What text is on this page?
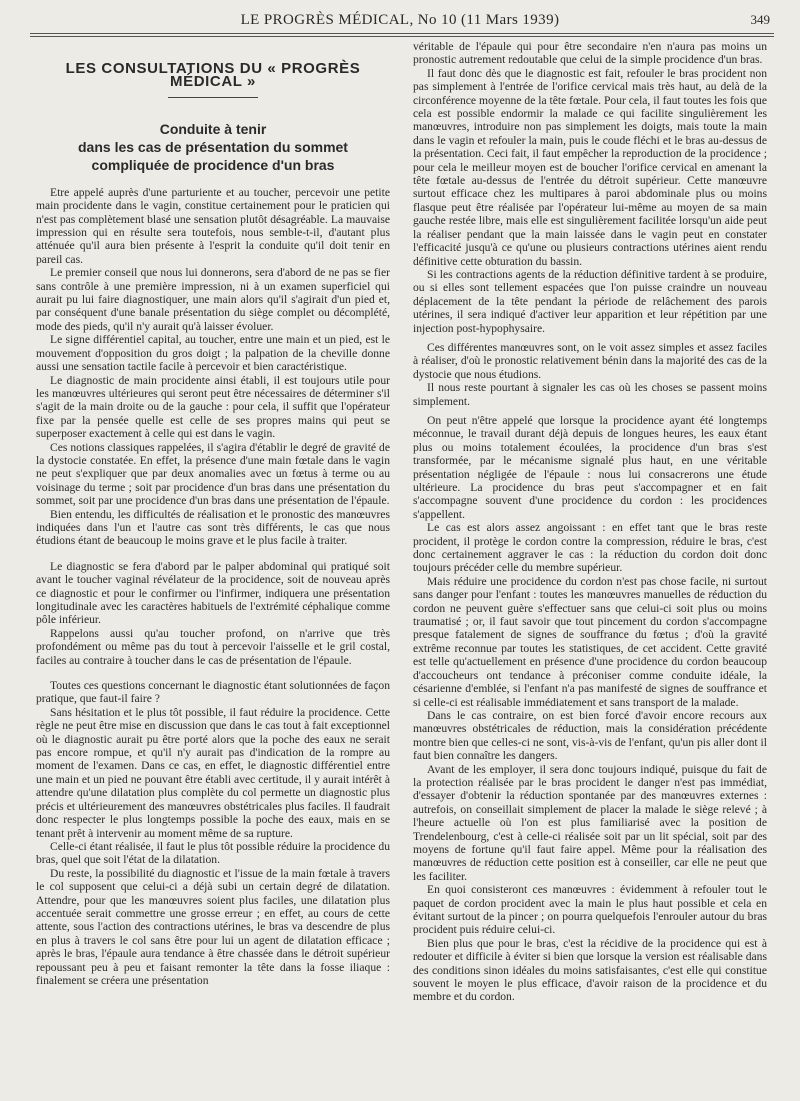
LE PROGRÈS MÉDICAL, No 10 (11 Mars 1939)	349
LES CONSULTATIONS DU « PROGRÈS MÉDICAL »
Conduite à tenir
dans les cas de présentation du sommet
compliquée de procidence d'un bras

Etre appelé auprès d'une parturiente et au toucher, percevoir une petite main procidente dans le vagin, constitue certainement pour le praticien qui n'est pas complètement blasé une sensation plutôt désagréable. La mauvaise impression qui en résulte sera toutefois, nous semble-t-il, d'autant plus atténuée qu'il aura bien présente à l'esprit la conduite qu'il doit tenir en pareil cas.

Le premier conseil que nous lui donnerons, sera d'abord de ne pas se fier sans contrôle à une première impression, ni à un examen superficiel qui aurait pu lui faire diagnostiquer, une main alors qu'il s'agirait d'un pied et, par conséquent d'une banale présentation du siège complet ou décomplété, mode des pieds, qu'il n'y aurait qu'à laisser évoluer.

Le signe différentiel capital, au toucher, entre une main et un pied, est le mouvement d'opposition du gros doigt ; la palpation de la cheville donne aussi une sensation tactile facile à percevoir et bien caractéristique.

Le diagnostic de main procidente ainsi établi, il est toujours utile pour les manœuvres ultérieures qui seront peut être nécessaires de déterminer s'il s'agit de la main droite ou de la gauche : pour cela, il suffit que l'opérateur fixe par la pensée quelle est celle de ses propres mains qui peut se superposer exactement à celle qui est dans le vagin.

Ces notions classiques rappelées, il s'agira d'établir le degré de gravité de la dystocie constatée. En effet, la présence d'une main fœtale dans le vagin ne peut s'expliquer que par deux anomalies avec un fœtus à terme ou au voisinage du terme ; soit par procidence d'un bras dans une présentation du sommet, soit par une procidence d'un bras dans une présentation de l'épaule.

Bien entendu, les difficultés de réalisation et le pronostic des manœuvres indiquées dans l'un et l'autre cas sont très différents, le cas que nous étudions étant de beaucoup le moins grave et le plus facile à traiter.

Le diagnostic se fera d'abord par le palper abdominal qui pratiqué soit avant le toucher vaginal révélateur de la procidence, soit de nouveau après ce diagnostic et pour le confirmer ou l'infirmer, indiquera une présentation longitudinale avec les caractères habituels de l'extrémité céphalique comme pôle inférieur.

Rappelons aussi qu'au toucher profond, on n'arrive que très profondément ou même pas du tout à percevoir l'aisselle et le gril costal, faciles au contraire à toucher dans le cas de présentation de l'épaule.

Toutes ces questions concernant le diagnostic étant solutionnées de façon pratique, que faut-il faire ?

Sans hésitation et le plus tôt possible, il faut réduire la procidence. Cette règle ne peut être mise en discussion que dans le cas tout à fait exceptionnel où le diagnostic aurait pu être porté alors que la poche des eaux ne serait pas encore rompue, et qu'il n'y aurait pas d'indication de la rompre au moment de l'examen. Dans ce cas, en effet, le diagnostic différentiel entre une main et un pied ne pouvant être établi avec certitude, il y aurait intérêt à attendre qu'une dilatation plus complète du col permette un diagnostic plus précis et ultérieurement des manœuvres obstétricales plus faciles. Il faudrait donc respecter le plus longtemps possible la poche des eaux, mais en se tenant prêt à intervenir au moment même de sa rupture.

Celle-ci étant réalisée, il faut le plus tôt possible réduire la procidence du bras, quel que soit l'état de la dilatation.

Du reste, la possibilité du diagnostic et l'issue de la main fœtale à travers le col supposent que celui-ci a déjà subi un certain degré de dilatation. Attendre, pour que les manœuvres soient plus faciles, une dilatation plus accentuée serait commettre une grosse erreur ; en effet, au cours de cette attente, sous l'action des contractions utérines, le bras va descendre de plus en plus à travers le col sans être pour lui un agent de dilatation efficace ; après le bras, l'épaule aura tendance à être chassée dans le détroit supérieur repoussant peu à peu et faisant remonter la tête dans la fosse iliaque : finalement se créera une présentation

véritable de l'épaule qui pour être secondaire n'en n'aura pas moins un pronostic autrement redoutable que celui de la simple procidence d'un bras.

Il faut donc dès que le diagnostic est fait, refouler le bras procident non pas simplement à l'entrée de l'orifice cervical mais très haut, au delà de la circonférence moyenne de la tête fœtale. Pour cela, il faut toutes les fois que cela est possible endormir la malade ce qui facilite singulièrement les manœuvres, introduire non pas simplement les doigts, mais toute la main dans le vagin et refouler la main, puis le coude fléchi et le bras au-dessus de la présentation. Ceci fait, il faut empêcher la reproduction de la procidence ; pour cela le meilleur moyen est de boucher l'orifice cervical en amenant la tête fœtale au-dessus de l'entrée du détroit supérieur. Cette manœuvre surtout efficace chez les multipares à paroi abdominale plus ou moins flasque peut être réalisée par l'opérateur lui-même au moyen de sa main gauche restée libre, mais elle est singulièrement facilitée lorsqu'un aide peut la réaliser pendant que la main laissée dans le vagin peut en constater l'efficacité jusqu'à ce qu'une ou plusieurs contractions utérines aient rendu définitive cette obturation du bassin.

Si les contractions agents de la réduction définitive tardent à se produire, ou si elles sont tellement espacées que l'on puisse craindre un nouveau déplacement de la tête pendant la période de relâchement des parois utérines, il sera indiqué d'activer leur apparition et leur répétition par une injection post-hypophysaire.

Ces différentes manœuvres sont, on le voit assez simples et assez faciles à réaliser, d'où le pronostic relativement bénin dans la majorité des cas de la dystocie que nous étudions.

Il nous reste pourtant à signaler les cas où les choses se passent moins simplement.

On peut n'être appelé que lorsque la procidence ayant été longtemps méconnue, le travail durant déjà depuis de longues heures, les eaux étant plus ou moins totalement écoulées, la procidence d'un bras s'est transformée, par le mécanisme signalé plus haut, en une véritable présentation négligée de l'épaule : nous lui consacrerons une étude ultérieure. La procidence du bras peut s'accompagner et en fait s'accompagne souvent d'une procidence du cordon : les procidences s'appellent.

Le cas est alors assez angoissant : en effet tant que le bras reste procident, il protège le cordon contre la compression, réduire le bras, c'est donc certainement aggraver le cas : la réduction du cordon doit donc toujours précéder celle du membre supérieur.

Mais réduire une procidence du cordon n'est pas chose facile, ni surtout sans danger pour l'enfant : toutes les manœuvres manuelles de réduction du cordon ne peuvent guère s'effectuer sans que celui-ci soit plus ou moins traumatisé ; or, il faut savoir que tout pincement du cordon s'accompagne presque fatalement de signes de souffrance du fœtus ; d'où la gravité extrême reconnue par toutes les statistiques, de cet accident. Cette gravité est telle qu'actuellement en présence d'une procidence du cordon beaucoup d'accoucheurs ont tendance à préconiser comme conduite idéale, la césarienne d'emblée, si l'enfant n'a pas manifesté de signes de souffrance et si celle-ci est réalisable immédiatement et sans transport de la malade.

Dans le cas contraire, on est bien forcé d'avoir encore recours aux manœuvres obstétricales de réduction, mais la considération précédente montre bien que celles-ci ne sont, vis-à-vis de l'enfant, qu'un pis aller dont il faut bien connaître les dangers.

Avant de les employer, il sera donc toujours indiqué, puisque du fait de la protection réalisée par le bras procident le danger n'est pas immédiat, d'essayer d'obtenir la réduction spontanée par des manœuvres externes : autrefois, on conseillait simplement de placer la malade le siège relevé ; à l'heure actuelle où l'on est plus familiarisé avec la position de Trendelenbourg, c'est à celle-ci réalisée soit par un lit spécial, soit par des moyens de fortune qu'il faut faire appel. Même pour la réalisation des manœuvres de réduction cette position est à conseiller, car elle ne peut que les faciliter.

En quoi consisteront ces manœuvres : évidemment à refouler tout le paquet de cordon procident avec la main le plus haut possible et cela en évitant surtout de la pincer ; on pourra quelquefois l'enrouler autour du bras procident puis réduire celui-ci.

Bien plus que pour le bras, c'est la récidive de la procidence qui est à redouter et difficile à éviter si bien que lorsque la version est réalisable dans des conditions sinon idéales du moins satisfaisantes, c'est elle qui constitue souvent le moyen le plus efficace, d'avoir raison de la procidence et du membre et du cordon.
